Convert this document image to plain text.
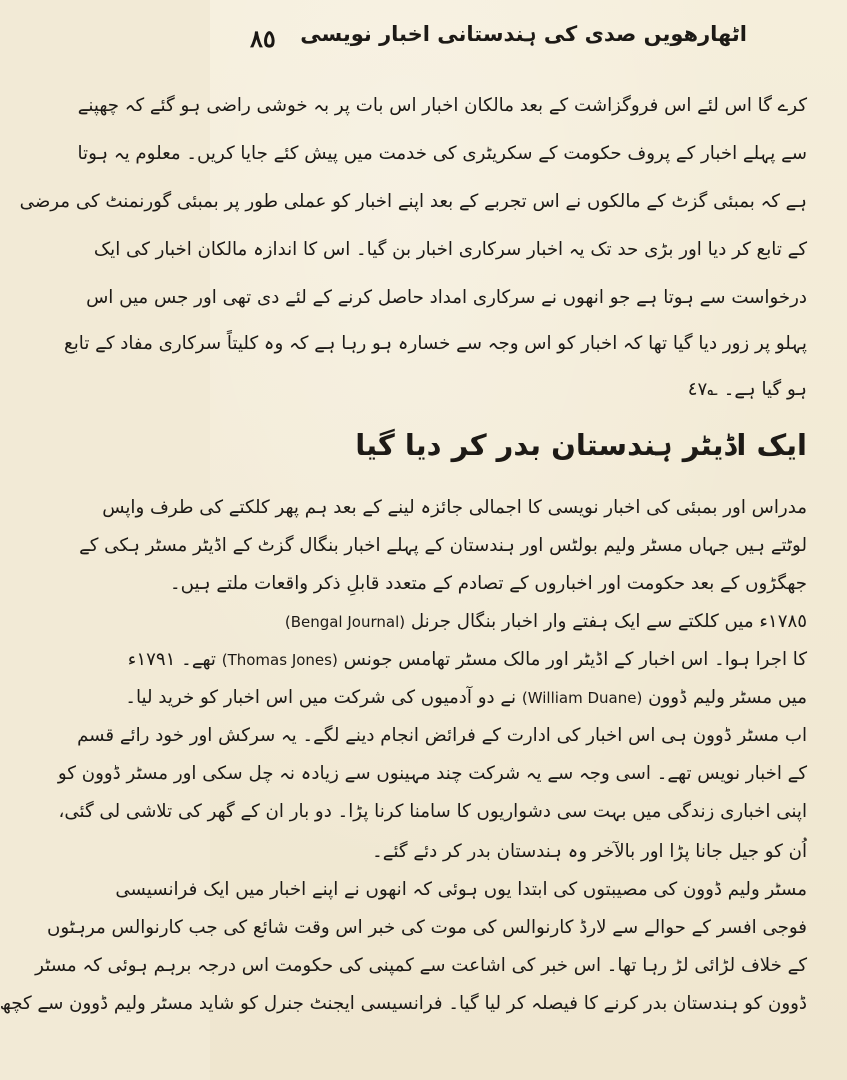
٨٥ اٹھارھویں صدی کی ہندستانی اخبار نویسی
کرے گا اس لئے اس فروگزاشت کے بعد مالکان اخبار اس بات پر بہ خوشی راضی ہو گئے کہ چھپنے
سے پہلے اخبار کے پروف حکومت کے سکریٹری کی خدمت میں پیش کئے جایا کریں۔ معلوم یہ ہوتا
ہے کہ بمبئی گزٹ کے مالکوں نے اس تجربے کے بعد اپنے اخبار کو عملی طور پر بمبئی گورنمنٹ کی مرضی
کے تابع کر دیا اور بڑی حد تک یہ اخبار سرکاری اخبار بن گیا۔ اس کا اندازہ مالکان اخبار کی ایک
درخواست سے ہوتا ہے جو انھوں نے سرکاری امداد حاصل کرنے کے لئے دی تھی اور جس میں اس
پہلو پر زور دیا گیا تھا کہ اخبار کو اس وجہ سے خسارہ ہو رہا ہے کہ وہ کلیتاً سرکاری مفاد کے تابع
ہو گیا ہے۔ ؎٤٧
ایک اڈیٹر ہندستان بدر کر دیا گیا
مدراس اور بمبئی کی اخبار نویسی کا اجمالی جائزہ لینے کے بعد ہم پھر کلکتے کی طرف واپس
لوٹتے ہیں جہاں مسٹر ولیم بولٹس اور ہندستان کے پہلے اخبار بنگال گزٹ کے اڈیٹر مسٹر ہکی کے
جھگڑوں کے بعد حکومت اور اخباروں کے تصادم کے متعدد قابلِ ذکر واقعات ملتے ہیں۔
١٧٨٥ء میں کلکتے سے ایک ہفتے وار اخبار بنگال جرنل (Bengal Journal)
کا اجرا ہوا۔ اس اخبار کے اڈیٹر اور مالک مسٹر تھامس جونس (Thomas Jones) تھے۔ ١٧٩١ء
میں مسٹر ولیم ڈوون (William Duane) نے دو آدمیوں کی شرکت میں اس اخبار کو خرید لیا۔
اب مسٹر ڈوون ہی اس اخبار کی ادارت کے فرائض انجام دینے لگے۔ یہ سرکش اور خود رائے قسم
کے اخبار نویس تھے۔ اسی وجہ سے یہ شرکت چند مہینوں سے زیادہ نہ چل سکی اور مسٹر ڈوون کو
اپنی اخباری زندگی میں بہت سی دشواریوں کا سامنا کرنا پڑا۔ دو بار ان کے گھر کی تلاشی لی گئی،
اُن کو جیل جانا پڑا اور بالآخر وہ ہندستان بدر کر دئے گئے۔
مسٹر ولیم ڈوون کی مصیبتوں کی ابتدا یوں ہوئی کہ انھوں نے اپنے اخبار میں ایک فرانسیسی
فوجی افسر کے حوالے سے لارڈ کارنوالس کی موت کی خبر اس وقت شائع کی جب کارنوالس مرہٹوں
کے خلاف لڑائی لڑ رہا تھا۔ اس خبر کی اشاعت سے کمپنی کی حکومت اس درجہ برہم ہوئی کہ مسٹر
ڈوون کو ہندستان بدر کرنے کا فیصلہ کر لیا گیا۔ فرانسیسی ایجنٹ جنرل کو شاید مسٹر ولیم ڈوون سے کچھ
